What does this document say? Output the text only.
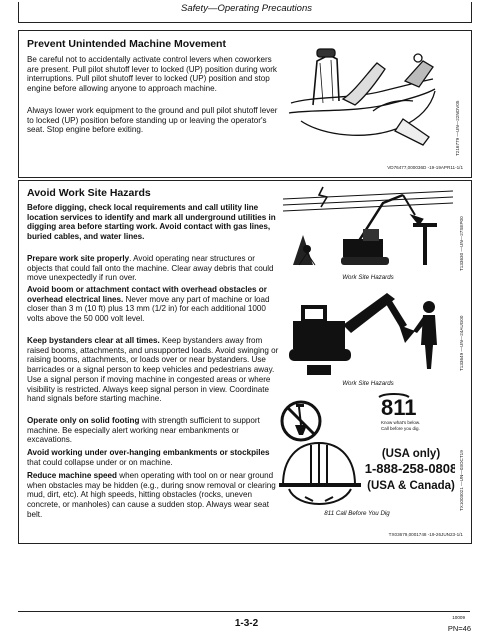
Safety—Operating Precautions
Prevent Unintended Machine Movement
Be careful not to accidentally activate control levers when coworkers are present. Pull pilot shutoff lever to locked (UP) position during work interruptions. Pull pilot shutoff lever to locked (UP) position and stop engine before allowing anyone to approach machine.
Always lower work equipment to the ground and pull pilot shutoff lever to locked (UP) position before standing up or leaving the operator's seat. Stop engine before exiting.	T216779 —UN—22NOV05
VD76477,000036D -19-19APR11-1/1
Avoid Work Site Hazards
Before digging, check local requirements and call utility line location services to identify and mark all underground utilities in digging area before starting work. Avoid contact with gas lines, buried cables, and water lines.
Prepare work site properly. Avoid operating near structures or objects that could fall onto the machine. Clear away debris that could move unexpectedly if run over.
Avoid boom or attachment contact with overhead obstacles or overhead electrical lines. Never move any part of machine or load closer than 3 m (10 ft) plus 13 mm (1/2 in) for each additional 1000 volts above the 50 000 volt level.
Keep bystanders clear at all times. Keep bystanders away from raised booms, attachments, and unsupported loads. Avoid swinging or raising booms, attachments, or loads over or near bystanders. Use barricades or a signal person to keep vehicles and pedestrians away. Use a signal person if moving machine in congested areas or where visibility is restricted. Always keep signal person in view. Coordinate hand signals before starting machine.
Operate only on solid footing with strength sufficient to support machine. Be especially alert working near embankments or excavations.
Avoid working under over-hanging embankments or stockpiles that could collapse under or on machine.
Reduce machine speed when operating with tool on or near ground when obstacles may be hidden (e.g., during snow removal or clearing mud, dirt, etc). At high speeds, hitting obstacles (rocks, uneven concrete, or manholes) can cause a sudden stop. Always wear seat belt.
Work Site Hazards
T133630 —UN—27SEP00
Work Site Hazards
T133649 —UN—24AUG00
811
Know what's below.
Call before you dig.
(USA only)
1-888-258-0808
(USA & Canada)
811 Call Before You Dig
TX1003021 —UN—03OCT19
TX03679,0001748 -19-26JUN23-1/1
1-3-2
10009
PN=46
